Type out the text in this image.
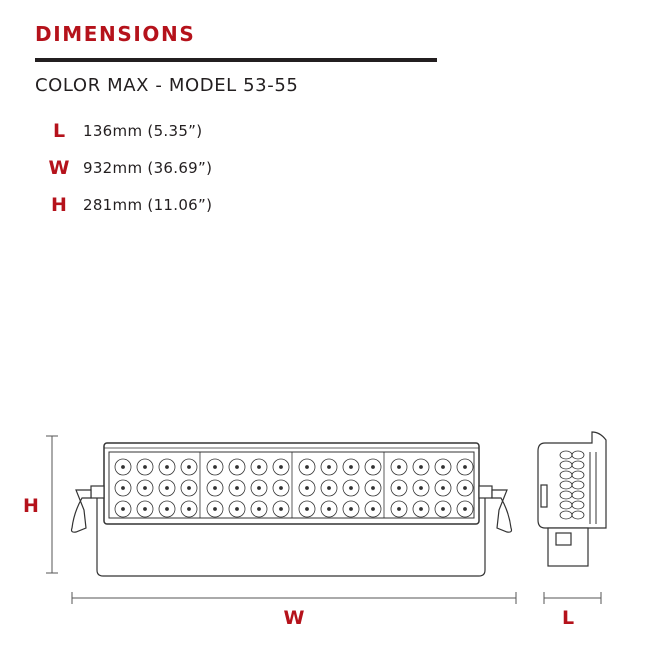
DIMENSIONS
COLOR MAX - MODEL 53-55
L	136mm (5.35”)
W 932mm (36.69”)
H	281mm (11.06”)
H
W	L
